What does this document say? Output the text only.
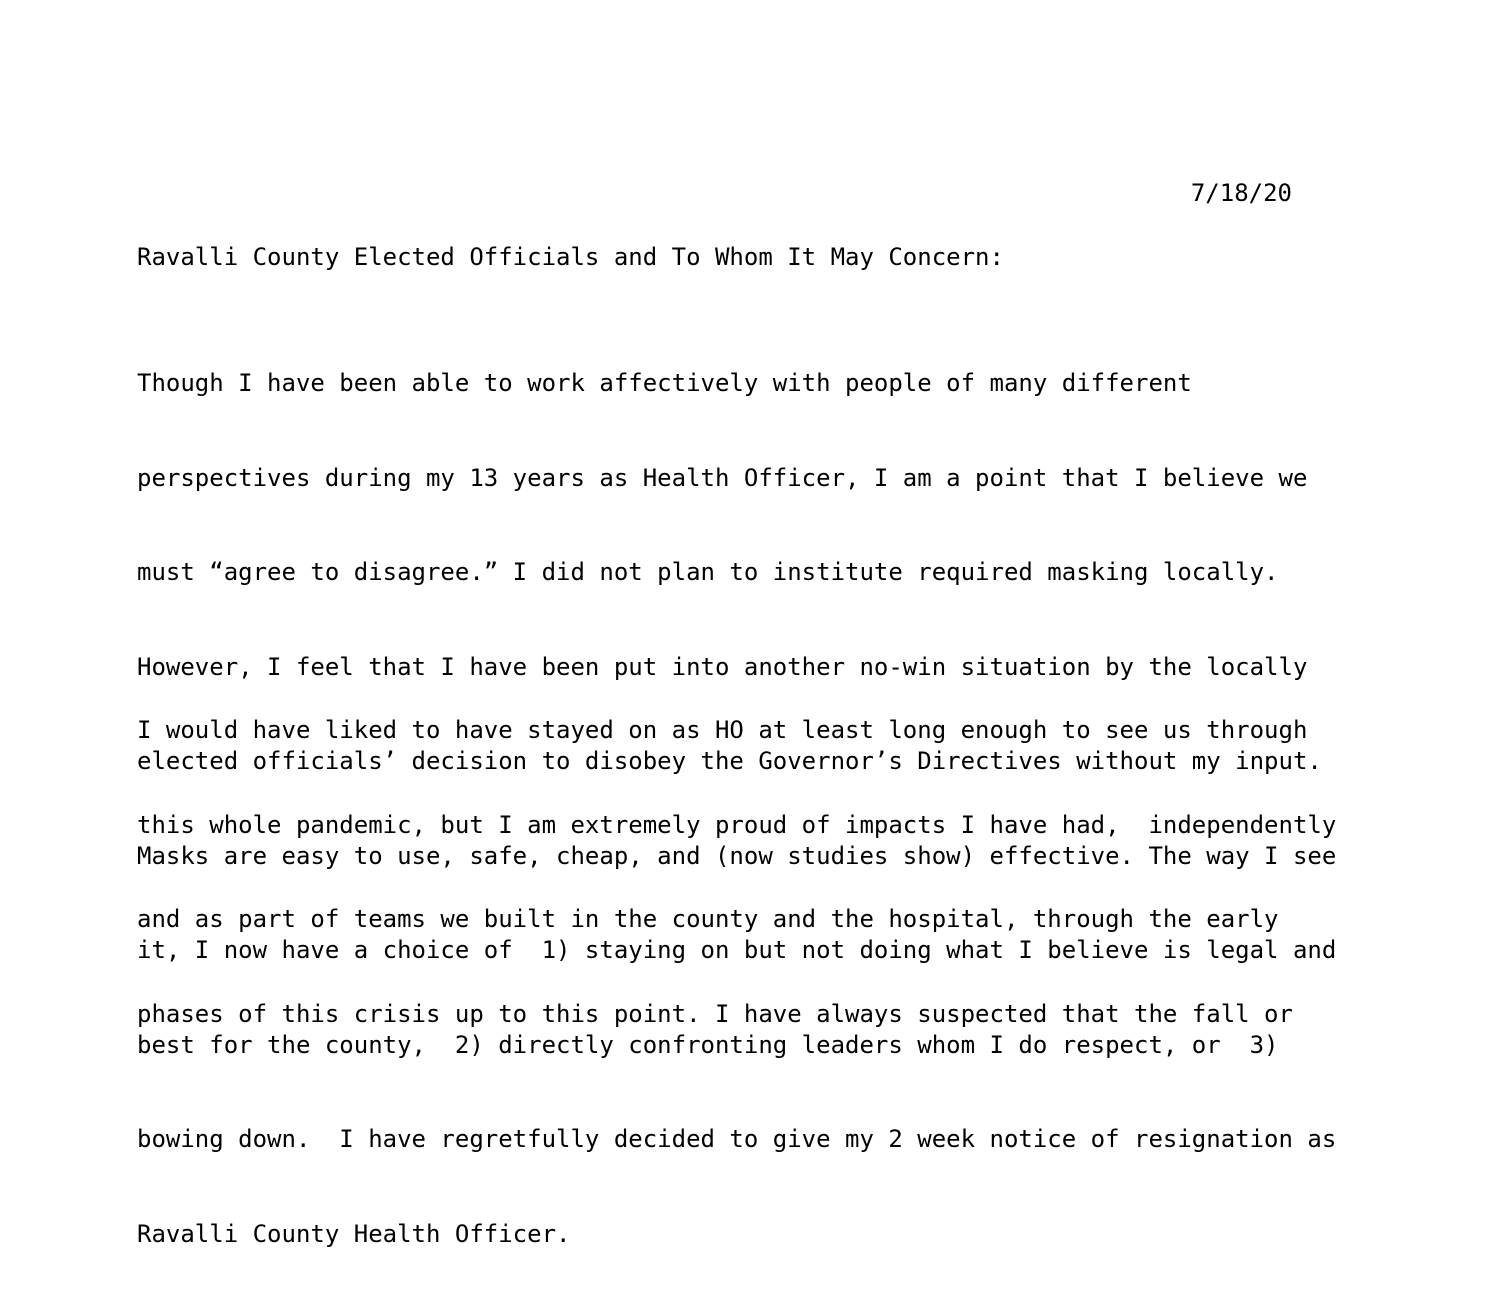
7/18/20
Ravalli County Elected Officials and To Whom It May Concern:

Though I have been able to work affectively with people of many different

perspectives during my 13 years as Health Officer, I am a point that I believe we

must “agree to disagree.” I did not plan to institute required masking locally.

However, I feel that I have been put into another no-win situation by the locally

elected officials’ decision to disobey the Governor’s Directives without my input.

Masks are easy to use, safe, cheap, and (now studies show) effective. The way I see

it, I now have a choice of  1) staying on but not doing what I believe is legal and

best for the county,  2) directly confronting leaders whom I do respect, or  3)

bowing down.  I have regretfully decided to give my 2 week notice of resignation as

Ravalli County Health Officer.

I would have liked to have stayed on as HO at least long enough to see us through

this whole pandemic, but I am extremely proud of impacts I have had,  independently

and as part of teams we built in the county and the hospital, through the early

phases of this crisis up to this point. I have always suspected that the fall or
